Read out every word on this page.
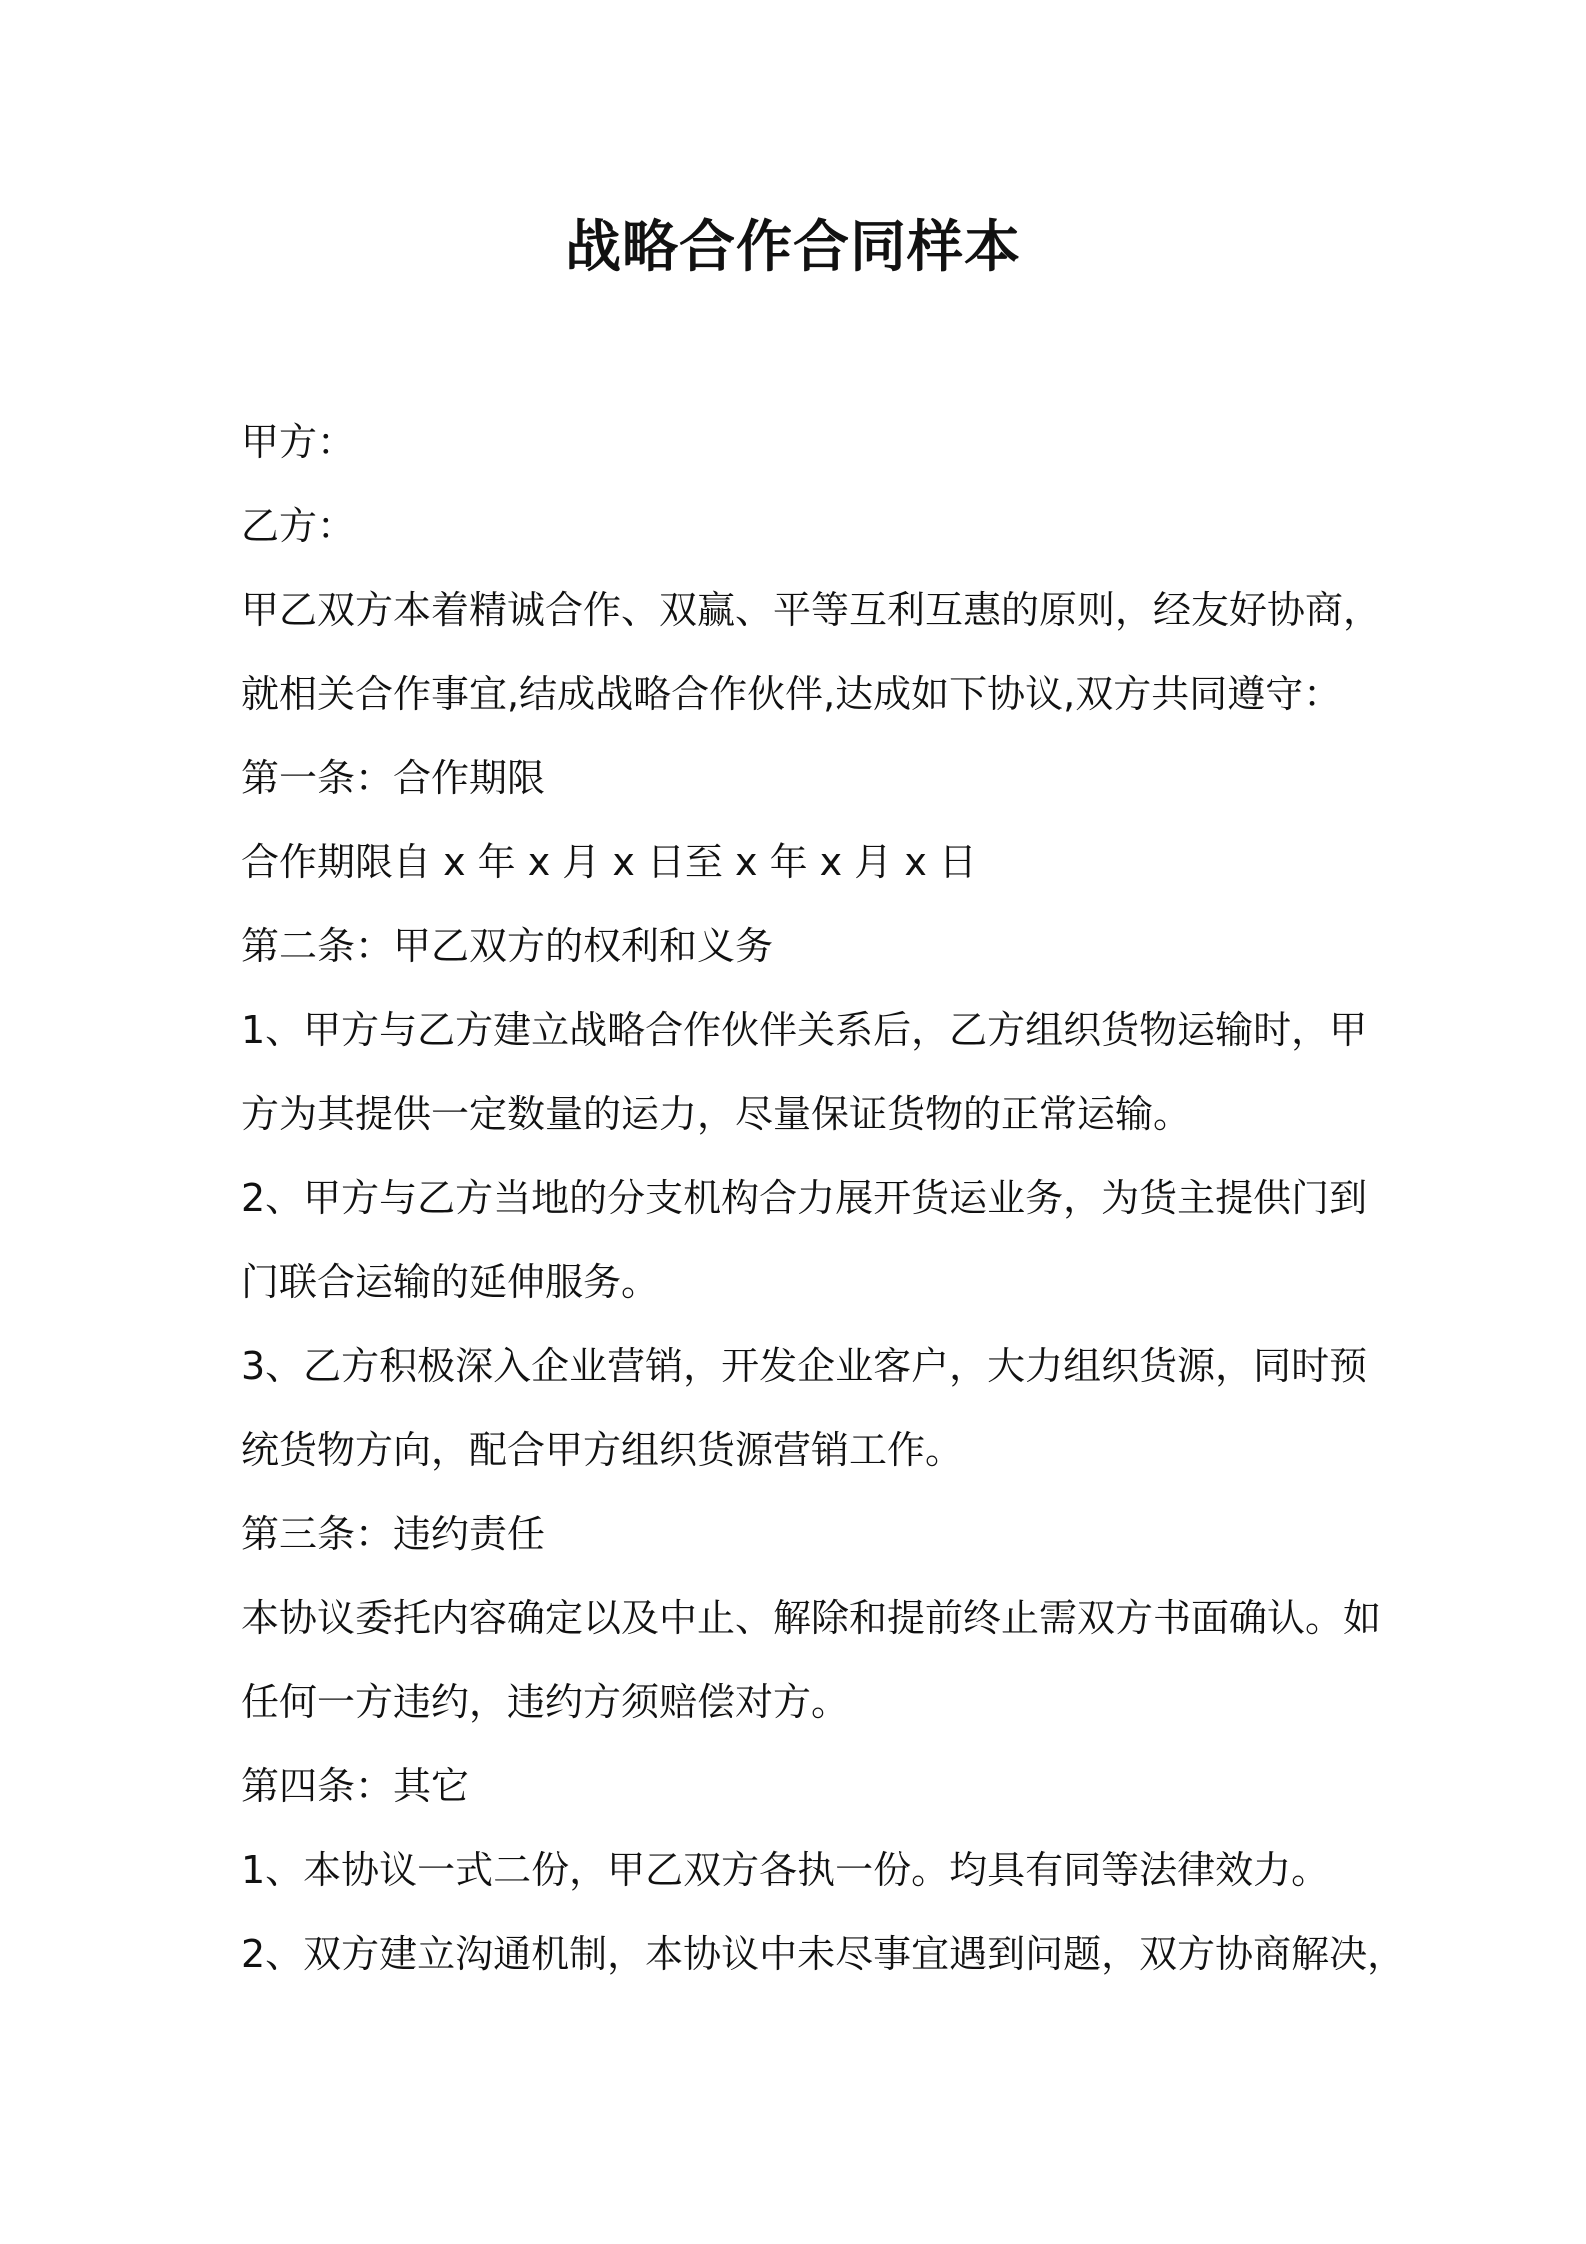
战略合作合同样本
甲方：
乙方：
甲乙双方本着精诚合作、双赢、平等互利互惠的原则，经友好协商，
就相关合作事宜,结成战略合作伙伴,达成如下协议,双方共同遵守：
第一条：合作期限
合作期限自 x 年 x 月 x 日至 x 年 x 月 x 日
第二条：甲乙双方的权利和义务
1、甲方与乙方建立战略合作伙伴关系后，乙方组织货物运输时，甲
方为其提供一定数量的运力，尽量保证货物的正常运输。
2、甲方与乙方当地的分支机构合力展开货运业务，为货主提供门到
门联合运输的延伸服务。
3、乙方积极深入企业营销，开发企业客户，大力组织货源，同时预
统货物方向，配合甲方组织货源营销工作。
第三条：违约责任
本协议委托内容确定以及中止、解除和提前终止需双方书面确认。如
任何一方违约，违约方须赔偿对方。
第四条：其它
1、本协议一式二份，甲乙双方各执一份。均具有同等法律效力。
2、双方建立沟通机制，本协议中未尽事宜遇到问题，双方协商解决，
